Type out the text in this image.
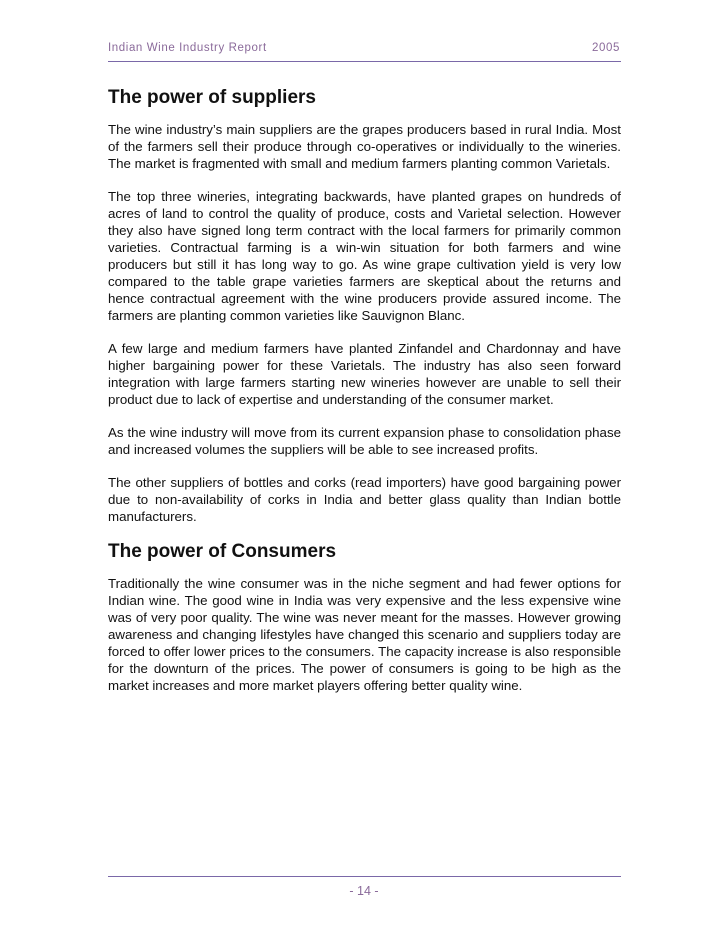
Indian Wine Industry Report	2005
The power of suppliers

The wine industry’s main suppliers are the grapes producers based in rural India. Most of the farmers sell their produce through co-operatives or individually to the wineries. The market is fragmented with small and medium farmers planting common Varietals.

The top three wineries, integrating backwards, have planted grapes on hundreds of acres of land to control the quality of produce, costs and Varietal selection. However they also have signed long term contract with the local farmers for primarily common varieties. Contractual farming is a win-win situation for both farmers and wine producers but still it has long way to go. As wine grape cultivation yield is very low compared to the table grape varieties farmers are skeptical about the returns and hence contractual agreement with the wine producers provide assured income. The farmers are planting common varieties like Sauvignon Blanc.

A few large and medium farmers have planted Zinfandel and Chardonnay and have higher bargaining power for these Varietals. The industry has also seen forward integration with large farmers starting new wineries however are unable to sell their product due to lack of expertise and understanding of the consumer market.

As the wine industry will move from its current expansion phase to consolidation phase and increased volumes the suppliers will be able to see increased profits.

The other suppliers of bottles and corks (read importers) have good bargaining power due to non-availability of corks in India and better glass quality than Indian bottle manufacturers.

The power of Consumers

Traditionally the wine consumer was in the niche segment and had fewer options for Indian wine. The good wine in India was very expensive and the less expensive wine was of very poor quality. The wine was never meant for the masses. However growing awareness and changing lifestyles have changed this scenario and suppliers today are forced to offer lower prices to the consumers. The capacity increase is also responsible for the downturn of the prices. The power of consumers is going to be high as the market increases and more market players offering better quality wine.

- 14 -
